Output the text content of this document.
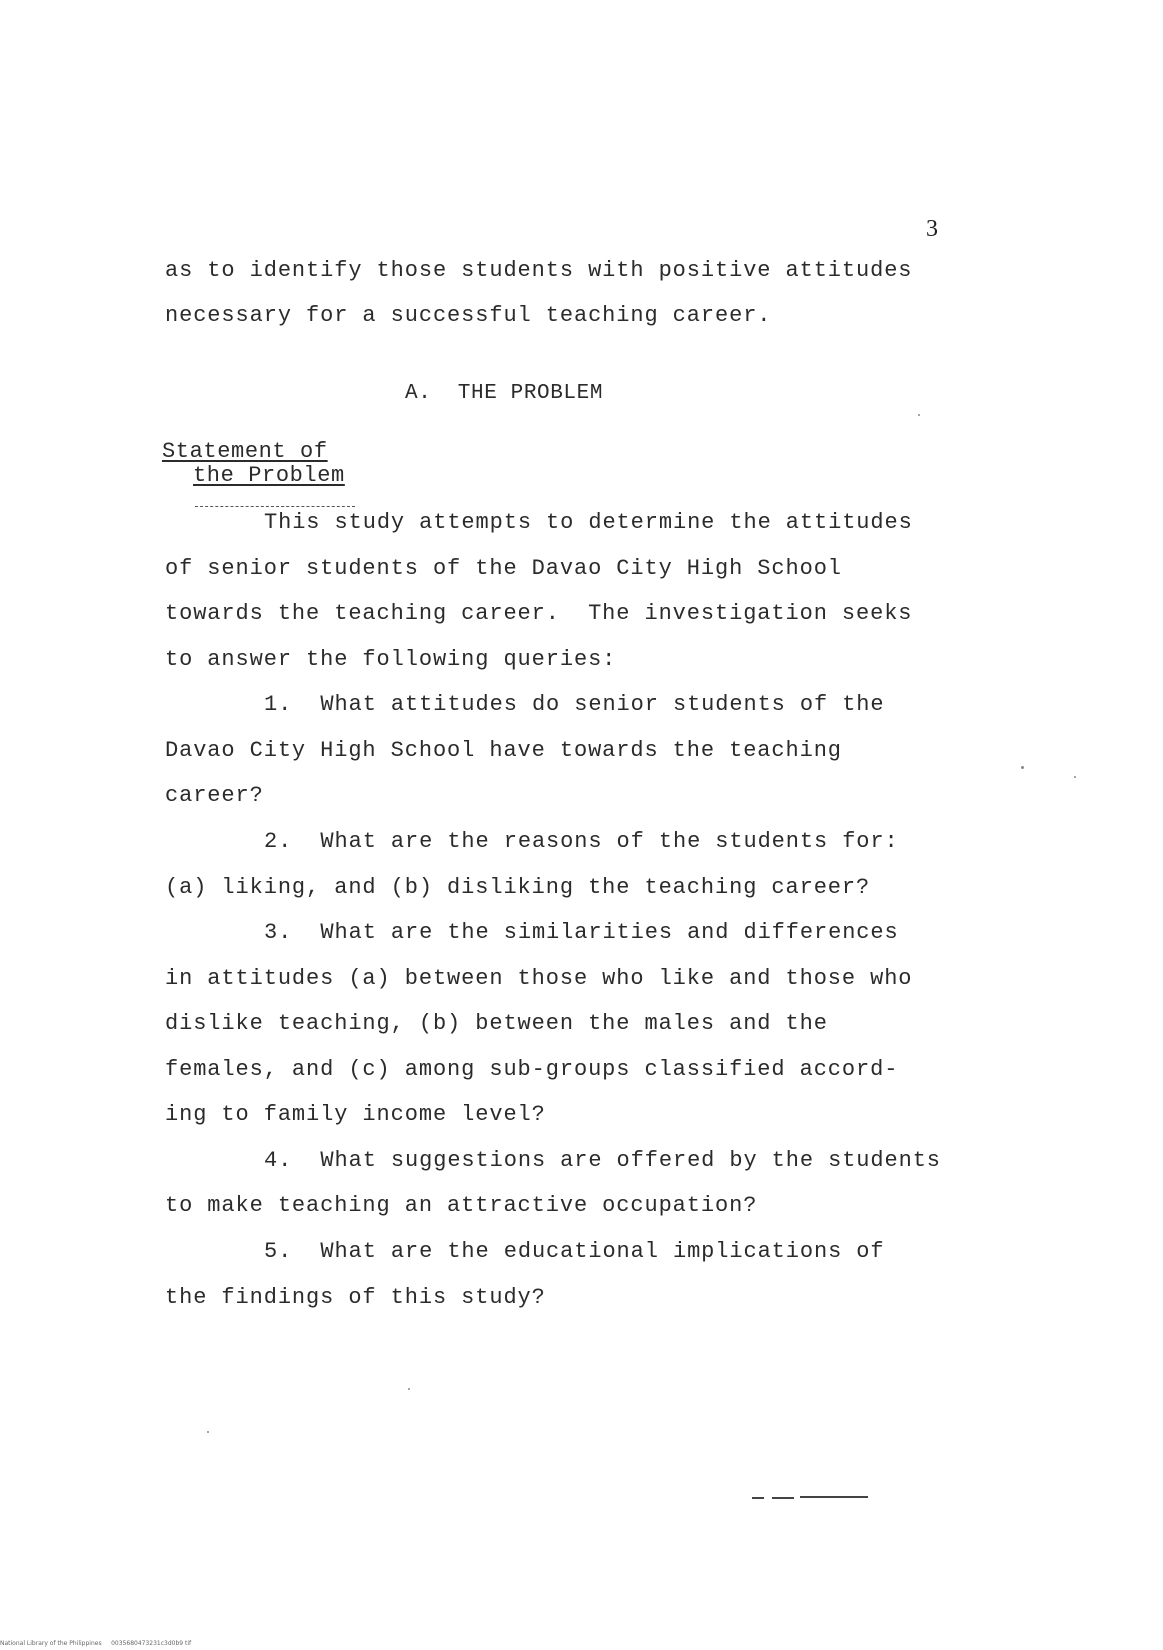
3
as to identify those students with positive attitudes
necessary for a successful teaching career.
A.  THE PROBLEM
Statement of
the Problem
This study attempts to determine the attitudes
of senior students of the Davao City High School
towards the teaching career.  The investigation seeks
to answer the following queries:
1.  What attitudes do senior students of the
Davao City High School have towards the teaching
career?
2.  What are the reasons of the students for:
(a) liking, and (b) disliking the teaching career?
3.  What are the similarities and differences
in attitudes (a) between those who like and those who
dislike teaching, (b) between the males and the
females, and (c) among sub-groups classified accord-
ing to family income level?
4.  What suggestions are offered by the students
to make teaching an attractive occupation?
5.  What are the educational implications of
the findings of this study?
National Library of the Philippines     0035680473231c3d0b9 tif
